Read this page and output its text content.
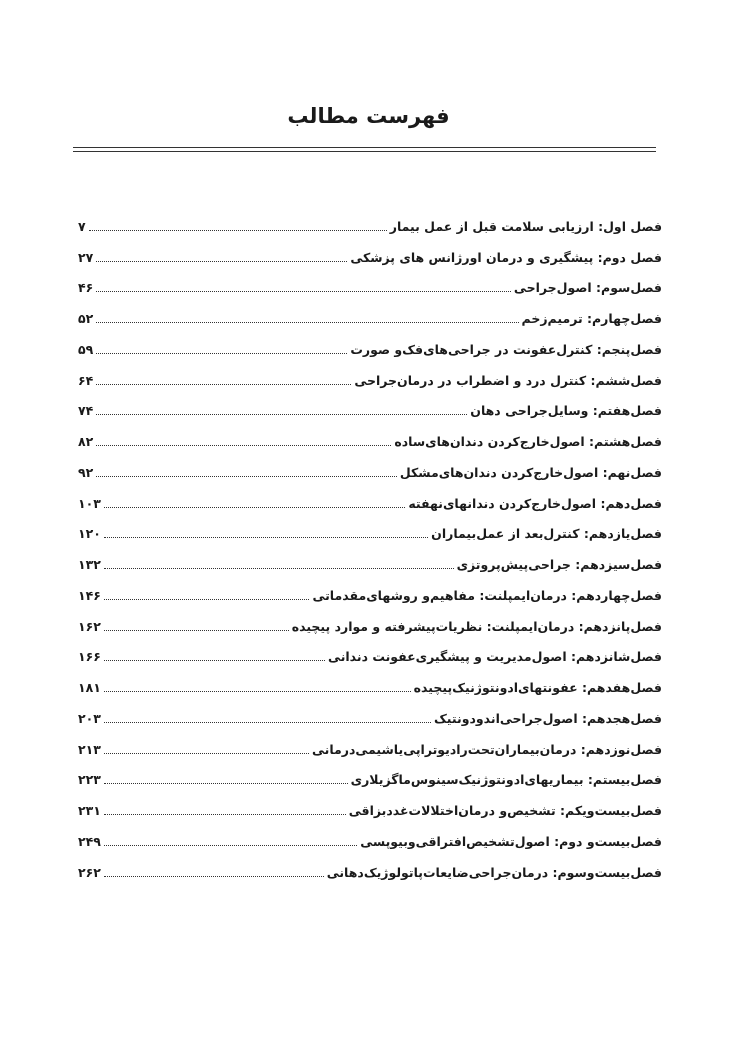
فهرست مطالب
فصل اول: ارزیابی سلامت قبل از عمل بیمار
۷
فصل دوم: پیشگیری و درمان اورژانس های پزشکی
۲۷
فصل‌سوم: اصول‌جراحی
۴۶
فصل‌چهارم: ترمیم‌زخم
۵۲
فصل‌پنجم: کنترل‌عفونت در جراحی‌های‌فک‌و صورت
۵۹
فصل‌ششم: کنترل درد و اضطراب در درمان‌جراحی
۶۴
فصل‌هفتم: وسایل‌جراحی دهان
۷۴
فصل‌هشتم: اصول‌خارج‌کردن دندان‌های‌ساده
۸۲
فصل‌نهم: اصول‌خارج‌کردن دندان‌های‌مشکل
۹۲
فصل‌دهم: اصول‌خارج‌کردن دندانهای‌نهفته
۱۰۳
فصل‌یازدهم: کنترل‌بعد از عمل‌بیماران
۱۲۰
فصل‌سیزدهم: جراحی‌پیش‌پروتزی
۱۳۲
فصل‌چهاردهم: درمان‌ایمپلنت: مفاهیم‌و روشهای‌مقدماتی
۱۴۶
فصل‌پانزدهم: درمان‌ایمپلنت: نظریات‌پیشرفته و موارد پیچیده
۱۶۲
فصل‌شانزدهم: اصول‌مدیریت و پیشگیری‌عفونت دندانی
۱۶۶
فصل‌هفدهم: عفونتهای‌ادونتوژنیک‌پیچیده
۱۸۱
فصل‌هجدهم: اصول‌جراحی‌اندودونتیک
۲۰۳
فصل‌نوزدهم: درمان‌بیماران‌تحت‌رادیوتراپی‌یاشیمی‌درمانی
۲۱۳
فصل‌بیستم: بیماریهای‌ادونتوژنیک‌سینوس‌ماگزیلاری
۲۲۳
فصل‌بیست‌و‌یکم: تشخیص‌و درمان‌اختلالات‌غدد‌بزاقی
۲۳۱
فصل‌بیست‌و دوم: اصول‌تشخیص‌افتراقی‌و‌بیوپسی
۲۴۹
فصل‌بیست‌و‌سوم: درمان‌جراحی‌ضایعات‌پاتولوژیک‌دهانی
۲۶۲
